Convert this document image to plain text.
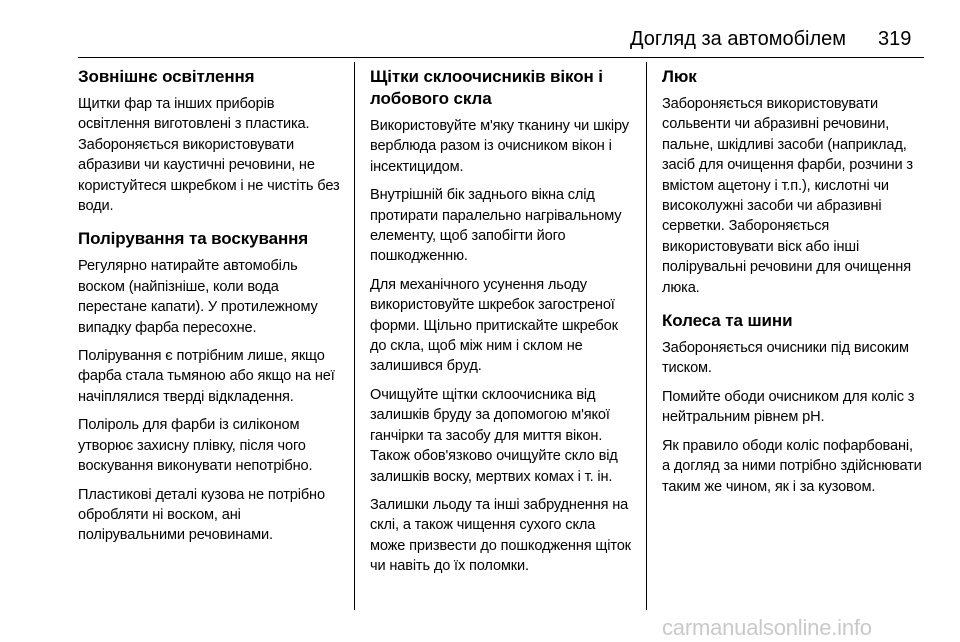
Догляд за автомобілем 319
Зовнішнє освітлення

Щитки фар та інших приборів освітлення виготовлені з пластика. Забороняється використовувати абразиви чи каустичні речовини, не користуйтеся шкребком і не чистіть без води.

Полірування та воскування

Регулярно натирайте автомобіль воском (найпізніше, коли вода перестане капати). У протилежному випадку фарба пересохне.

Полірування є потрібним лише, якщо фарба стала тьмяною або якщо на неї начіплялися тверді відкладення.

Поліроль для фарби із силіконом утворює захисну плівку, після чого воскування виконувати непотрібно.

Пластикові деталі кузова не потрібно обробляти ні воском, ані полірувальними речовинами.

Щітки склоочисників вікон і лобового скла

Використовуйте м'яку тканину чи шкіру верблюда разом із очисником вікон і інсектицидом.

Внутрішній бік заднього вікна слід протирати паралельно нагрівальному елементу, щоб запобігти його пошкодженню.

Для механічного усунення льоду використовуйте шкребок загостреної форми. Щільно притискайте шкребок до скла, щоб між ним і склом не залишився бруд.

Очищуйте щітки склоочисника від залишків бруду за допомогою м'якої ганчірки та засобу для миття вікон. Також обов'язково очищуйте скло від залишків воску, мертвих комах і т. ін.

Залишки льоду та інші забруднення на склі, а також чищення сухого скла може призвести до пошкодження щіток чи навіть до їх поломки.

Люк

Забороняється використовувати сольвенти чи абразивні речовини, пальне, шкідливі засоби (наприклад, засіб для очищення фарби, розчини з вмістом ацетону і т.п.), кислотні чи високолужні засоби чи абразивні серветки. Забороняється використовувати віск або інші полірувальні речовини для очищення люка.

Колеса та шини

Забороняється очисники під високим тиском.

Помийте ободи очисником для коліс з нейтральним рівнем pH.

Як правило ободи коліс пофарбовані, а догляд за ними потрібно здійснювати таким же чином, як і за кузовом.

carmanualsonline.info
